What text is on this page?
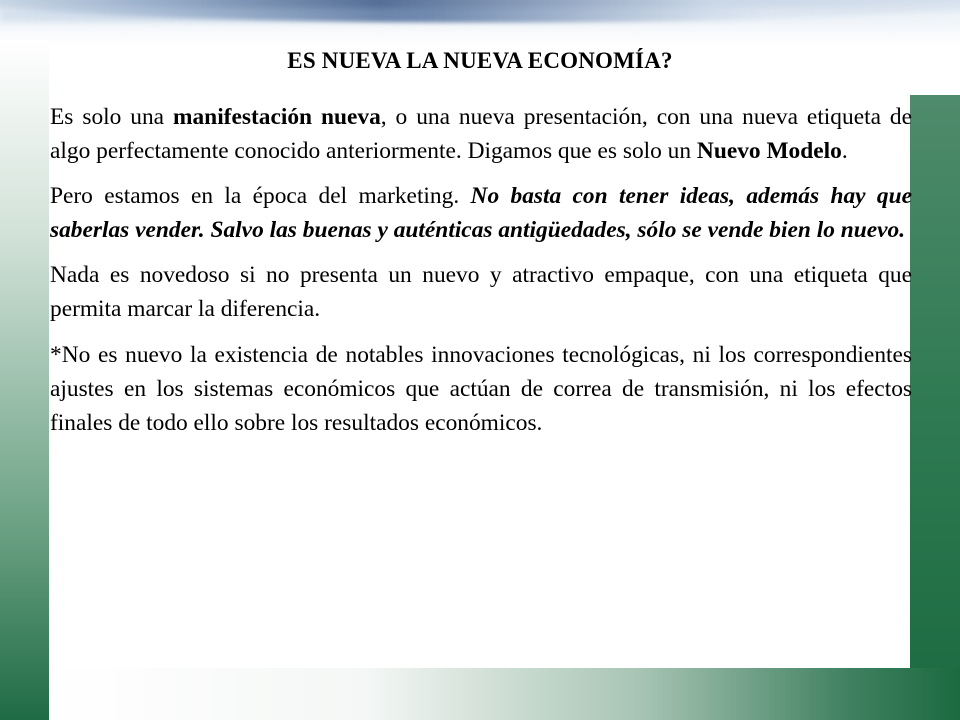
ES NUEVA LA NUEVA ECONOMÍA?

Es solo una manifestación nueva, o una nueva presentación, con una nueva etiqueta de algo perfectamente conocido anteriormente. Digamos que es solo un Nuevo Modelo.

Pero estamos en la época del marketing. No basta con tener ideas, además hay que saberlas vender. Salvo las buenas y auténticas antigüedades, sólo se vende bien lo nuevo.

Nada es novedoso si no presenta un nuevo y atractivo empaque, con una etiqueta que permita marcar la diferencia.

*No es nuevo la existencia de notables innovaciones tecnológicas, ni los correspondientes ajustes en los sistemas económicos que actúan de correa de transmisión, ni los efectos finales de todo ello sobre los resultados económicos.
